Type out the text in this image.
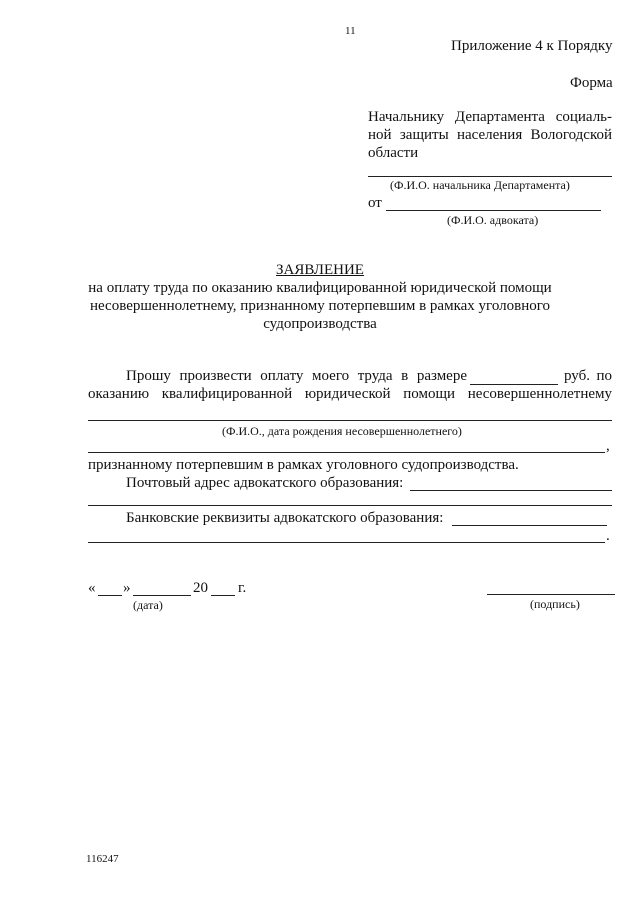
11
Приложение 4 к Порядку
Форма
Начальнику Департамента социаль-
ной защиты населения Вологодской
области
(Ф.И.О. начальника Департамента)
от
(Ф.И.О. адвоката)
ЗАЯВЛЕНИЕ
на оплату труда по оказанию квалифицированной юридической помощи
несовершеннолетнему, признанному потерпевшим в рамках уголовного
судопроизводства
Прошу произвести оплату моего труда в размере	руб. по
оказанию квалифицированной юридической помощи несовершеннолетнему
(Ф.И.О., дата рождения несовершеннолетнего)
,
признанному потерпевшим в рамках уголовного судопроизводства.
Почтовый адрес адвокатского образования:
Банковские реквизиты адвокатского образования:
.
« »	20 г.
(дата)	(подпись)
116247
